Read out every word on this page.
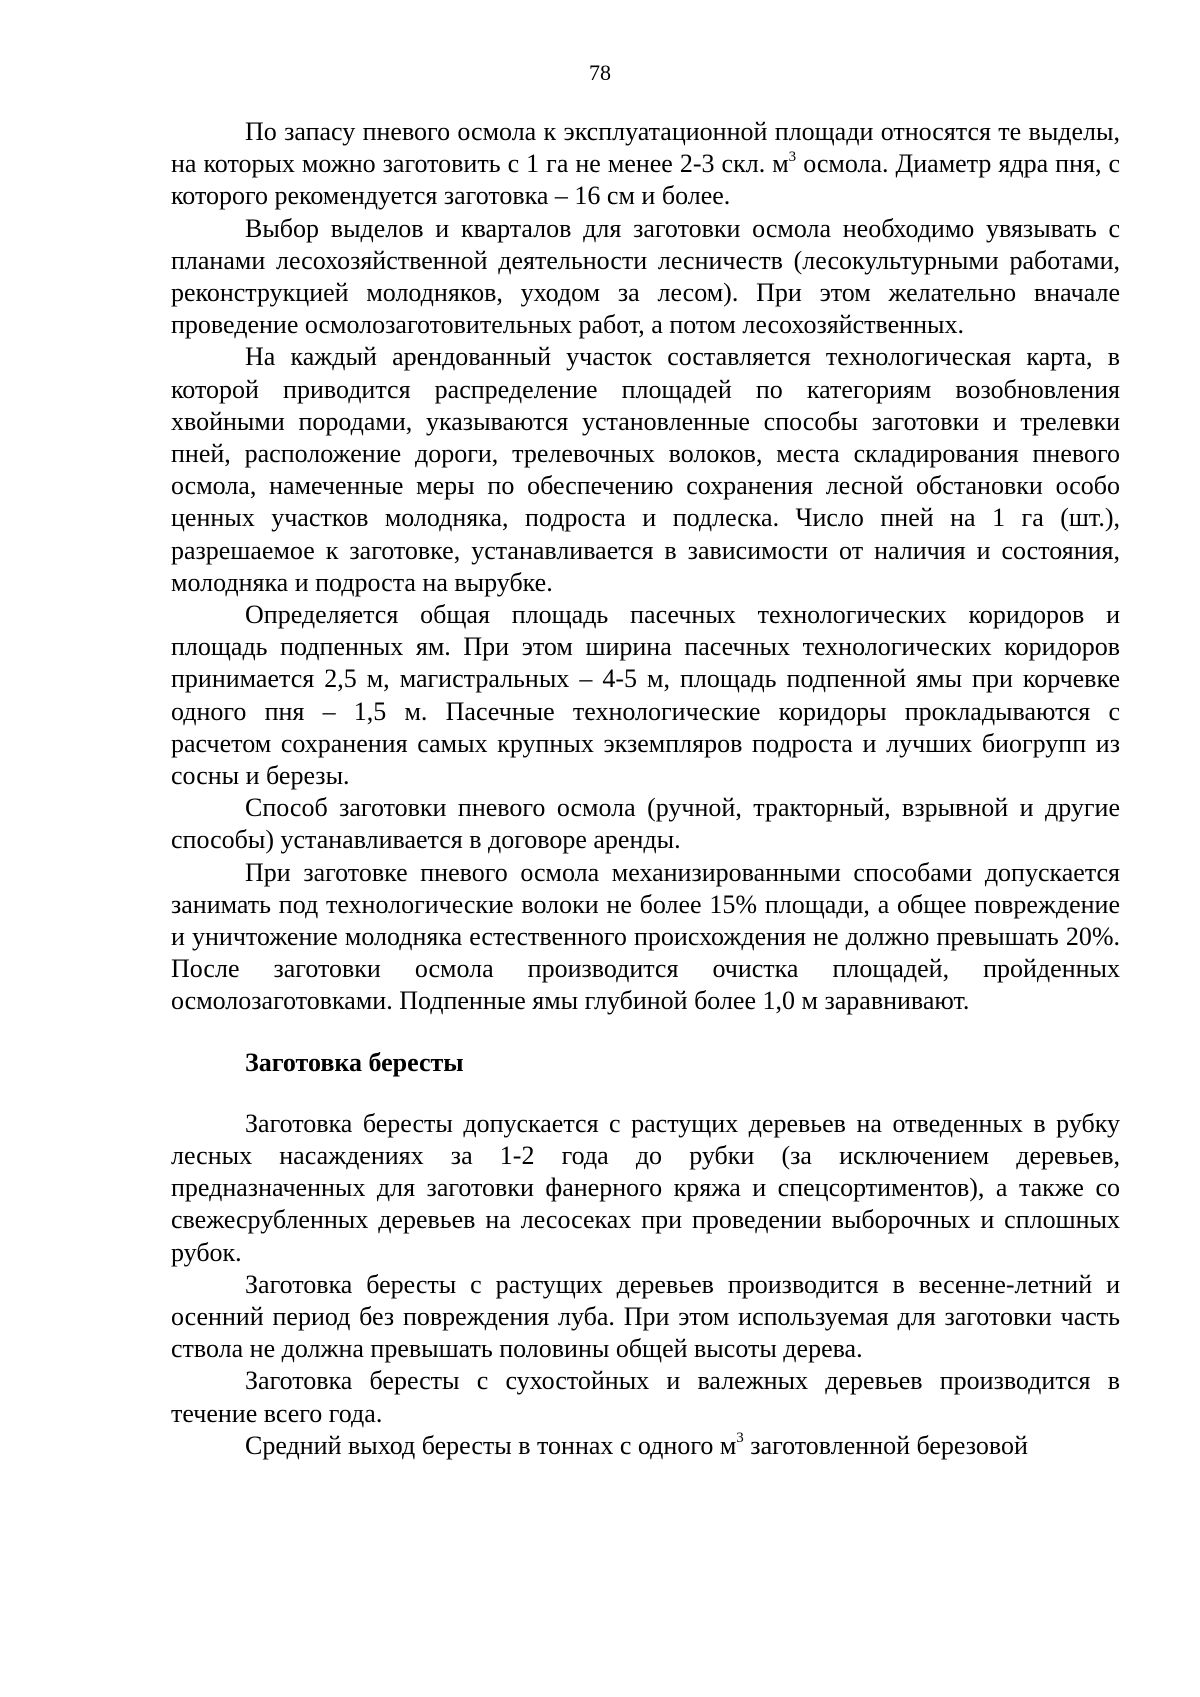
78

По запасу пневого осмола к эксплуатационной площади относятся те выделы, на которых можно заготовить с 1 га не менее 2-3 скл. $м^3$ осмола. Диаметр ядра пня, с которого рекомендуется заготовка – 16 см и более.

Выбор выделов и кварталов для заготовки осмола необходимо увязывать с планами лесохозяйственной деятельности лесничеств (лесокультурными работами, реконструкцией молодняков, уходом за лесом). При этом желательно вначале проведение осмолозаготовительных работ, а потом лесохозяйственных.

На каждый арендованный участок составляется технологическая карта, в которой приводится распределение площадей по категориям возобновления хвойными породами, указываются установленные способы заготовки и трелевки пней, расположение дороги, трелевочных волоков, места складирования пневого осмола, намеченные меры по обеспечению сохранения лесной обстановки особо ценных участков молодняка, подроста и подлеска. Число пней на 1 га (шт.), разрешаемое к заготовке, устанавливается в зависимости от наличия и состояния, молодняка и подроста на вырубке.

Определяется общая площадь пасечных технологических коридоров и площадь подпенных ям. При этом ширина пасечных технологических коридоров принимается 2,5 м, магистральных – 4-5 м, площадь подпенной ямы при корчевке одного пня – 1,5 м. Пасечные технологические коридоры прокладываются с расчетом сохранения самых крупных экземпляров подроста и лучших биогрупп из сосны и березы.

Способ заготовки пневого осмола (ручной, тракторный, взрывной и другие способы) устанавливается в договоре аренды.

При заготовке пневого осмола механизированными способами допускается занимать под технологические волоки не более 15% площади, а общее повреждение и уничтожение молодняка естественного происхождения не должно превышать 20%. После заготовки осмола производится очистка площадей, пройденных осмолозаготовками. Подпенные ямы глубиной более 1,0 м заравнивают.

Заготовка бересты

Заготовка бересты допускается с растущих деревьев на отведенных в рубку лесных насаждениях за 1-2 года до рубки (за исключением деревьев, предназначенных для заготовки фанерного кряжа и спецсортиментов), а также со свежесрубленных деревьев на лесосеках при проведении выборочных и сплошных рубок.

Заготовка бересты с растущих деревьев производится в весенне-летний и осенний период без повреждения луба. При этом используемая для заготовки часть ствола не должна превышать половины общей высоты дерева.

Заготовка бересты с сухостойных и валежных деревьев производится в течение всего года.

Средний выход бересты в тоннах с одного $м^3$ заготовленной березовой
